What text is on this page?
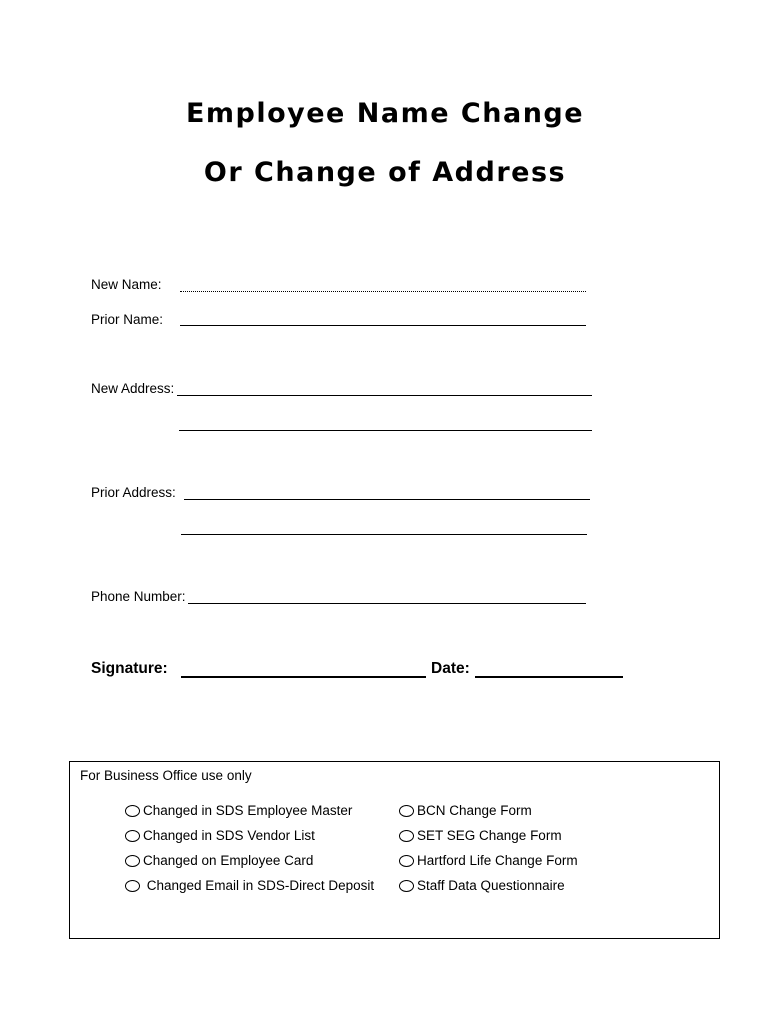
Employee Name Change
Or Change of Address
New Name:
Prior Name:
New Address:
Prior Address:
Phone Number:
Signature:	Date:
For Business Office use only
Changed in SDS Employee Master
Changed in SDS Vendor List
Changed on Employee Card
Changed Email in SDS-Direct Deposit
BCN Change Form
SET SEG Change Form
Hartford Life Change Form
Staff Data Questionnaire
